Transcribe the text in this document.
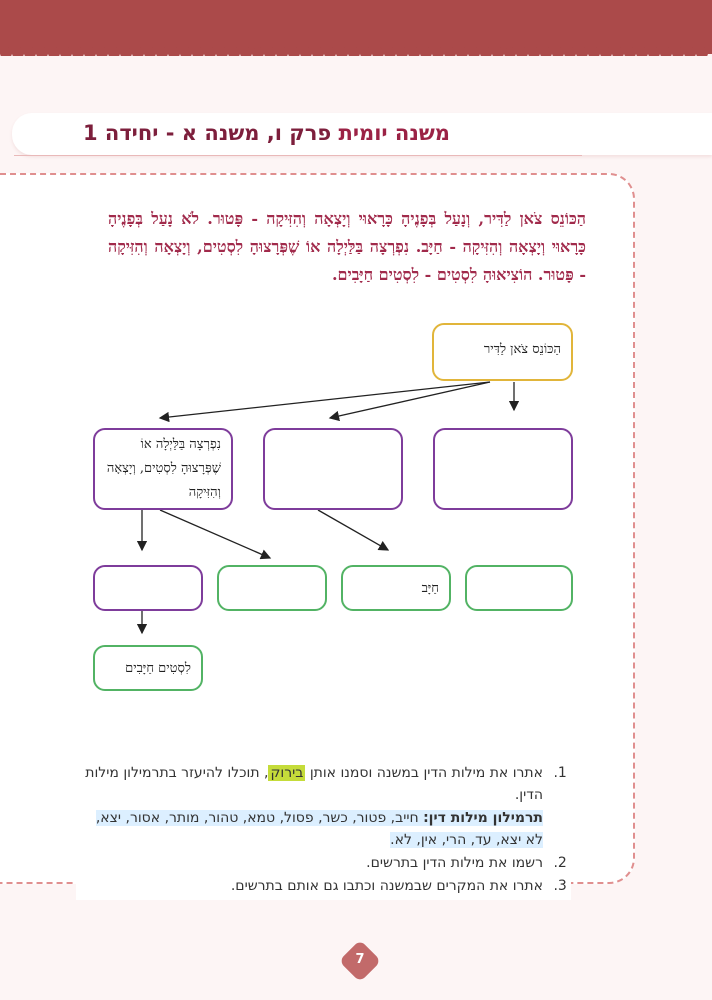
משנה יומית פרק ו, משנה א - יחידה 1
הַכּוֹנֵס צֹאן לַדִּיר, וְנָעַל בְּפָנֶיהָ כָּרָאוּי וְיָצְאָה וְהִזִּיקָה - פָּטוּר. לֹא נָעַל בְּפָנֶיהָ כָּרָאוּי וְיָצְאָה וְהִזִּיקָה - חַיָּב. נִפְרְצָה בַּלַּיְלָה אוֹ שֶׁפְּרָצוּהָ לִסְטִים, וְיָצְאָה וְהִזִּיקָה - פָּטוּר. הוֹצִיאוּהָ לִסְטִים - לִסְטִים חַיָּבִים.
הַכּוֹנֵס צֹאן לַדִּיר
נִפְרְצָה בַּלַּיְלָה אוֹ שֶׁפְּרָצוּהָ לִסְטִים, וְיָצְאָה וְהִזִּיקָה
חַיָּב
לִסְטִים חַיָּבִים
1. אתרו את מילות הדין במשנה וסמנו אותן בירוק, תוכלו להיעזר בתרמילון מילות הדין.
תרמילון מילות דין: חייב, פטור, כשר, פסול, טמא, טהור, מותר, אסור, יצא, לא יצא, עד, הרי, אין, לא.
2. רשמו את מילות הדין בתרשים.
3. אתרו את המקרים שבמשנה וכתבו גם אותם בתרשים.
7
